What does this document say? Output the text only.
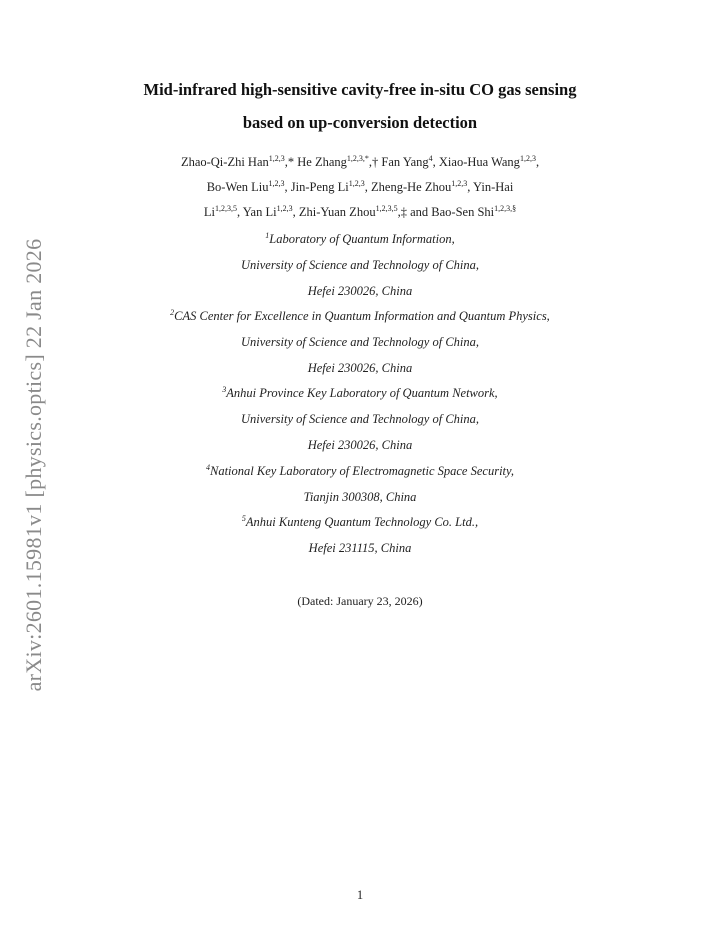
arXiv:2601.15981v1 [physics.optics] 22 Jan 2026
Mid-infrared high-sensitive cavity-free in-situ CO gas sensing
based on up-conversion detection
Zhao-Qi-Zhi Han$^{1,2,3}$,* He Zhang$^{1,2,3,*}$,† Fan Yang$^4$, Xiao-Hua Wang$^{1,2,3}$,
Bo-Wen Liu$^{1,2,3}$, Jin-Peng Li$^{1,2,3}$, Zheng-He Zhou$^{1,2,3}$, Yin-Hai
Li$^{1,2,3,5}$, Yan Li$^{1,2,3}$, Zhi-Yuan Zhou$^{1,2,3,5}$,‡ and Bao-Sen Shi$^{1,2,3,\S}$
$^1$Laboratory of Quantum Information,
University of Science and Technology of China,
Hefei 230026, China
$^2$CAS Center for Excellence in Quantum Information and Quantum Physics,
University of Science and Technology of China,
Hefei 230026, China
$^3$Anhui Province Key Laboratory of Quantum Network,
University of Science and Technology of China,
Hefei 230026, China
$^4$National Key Laboratory of Electromagnetic Space Security,
Tianjin 300308, China
$^5$Anhui Kunteng Quantum Technology Co. Ltd.,
Hefei 231115, China
(Dated: January 23, 2026)
1
